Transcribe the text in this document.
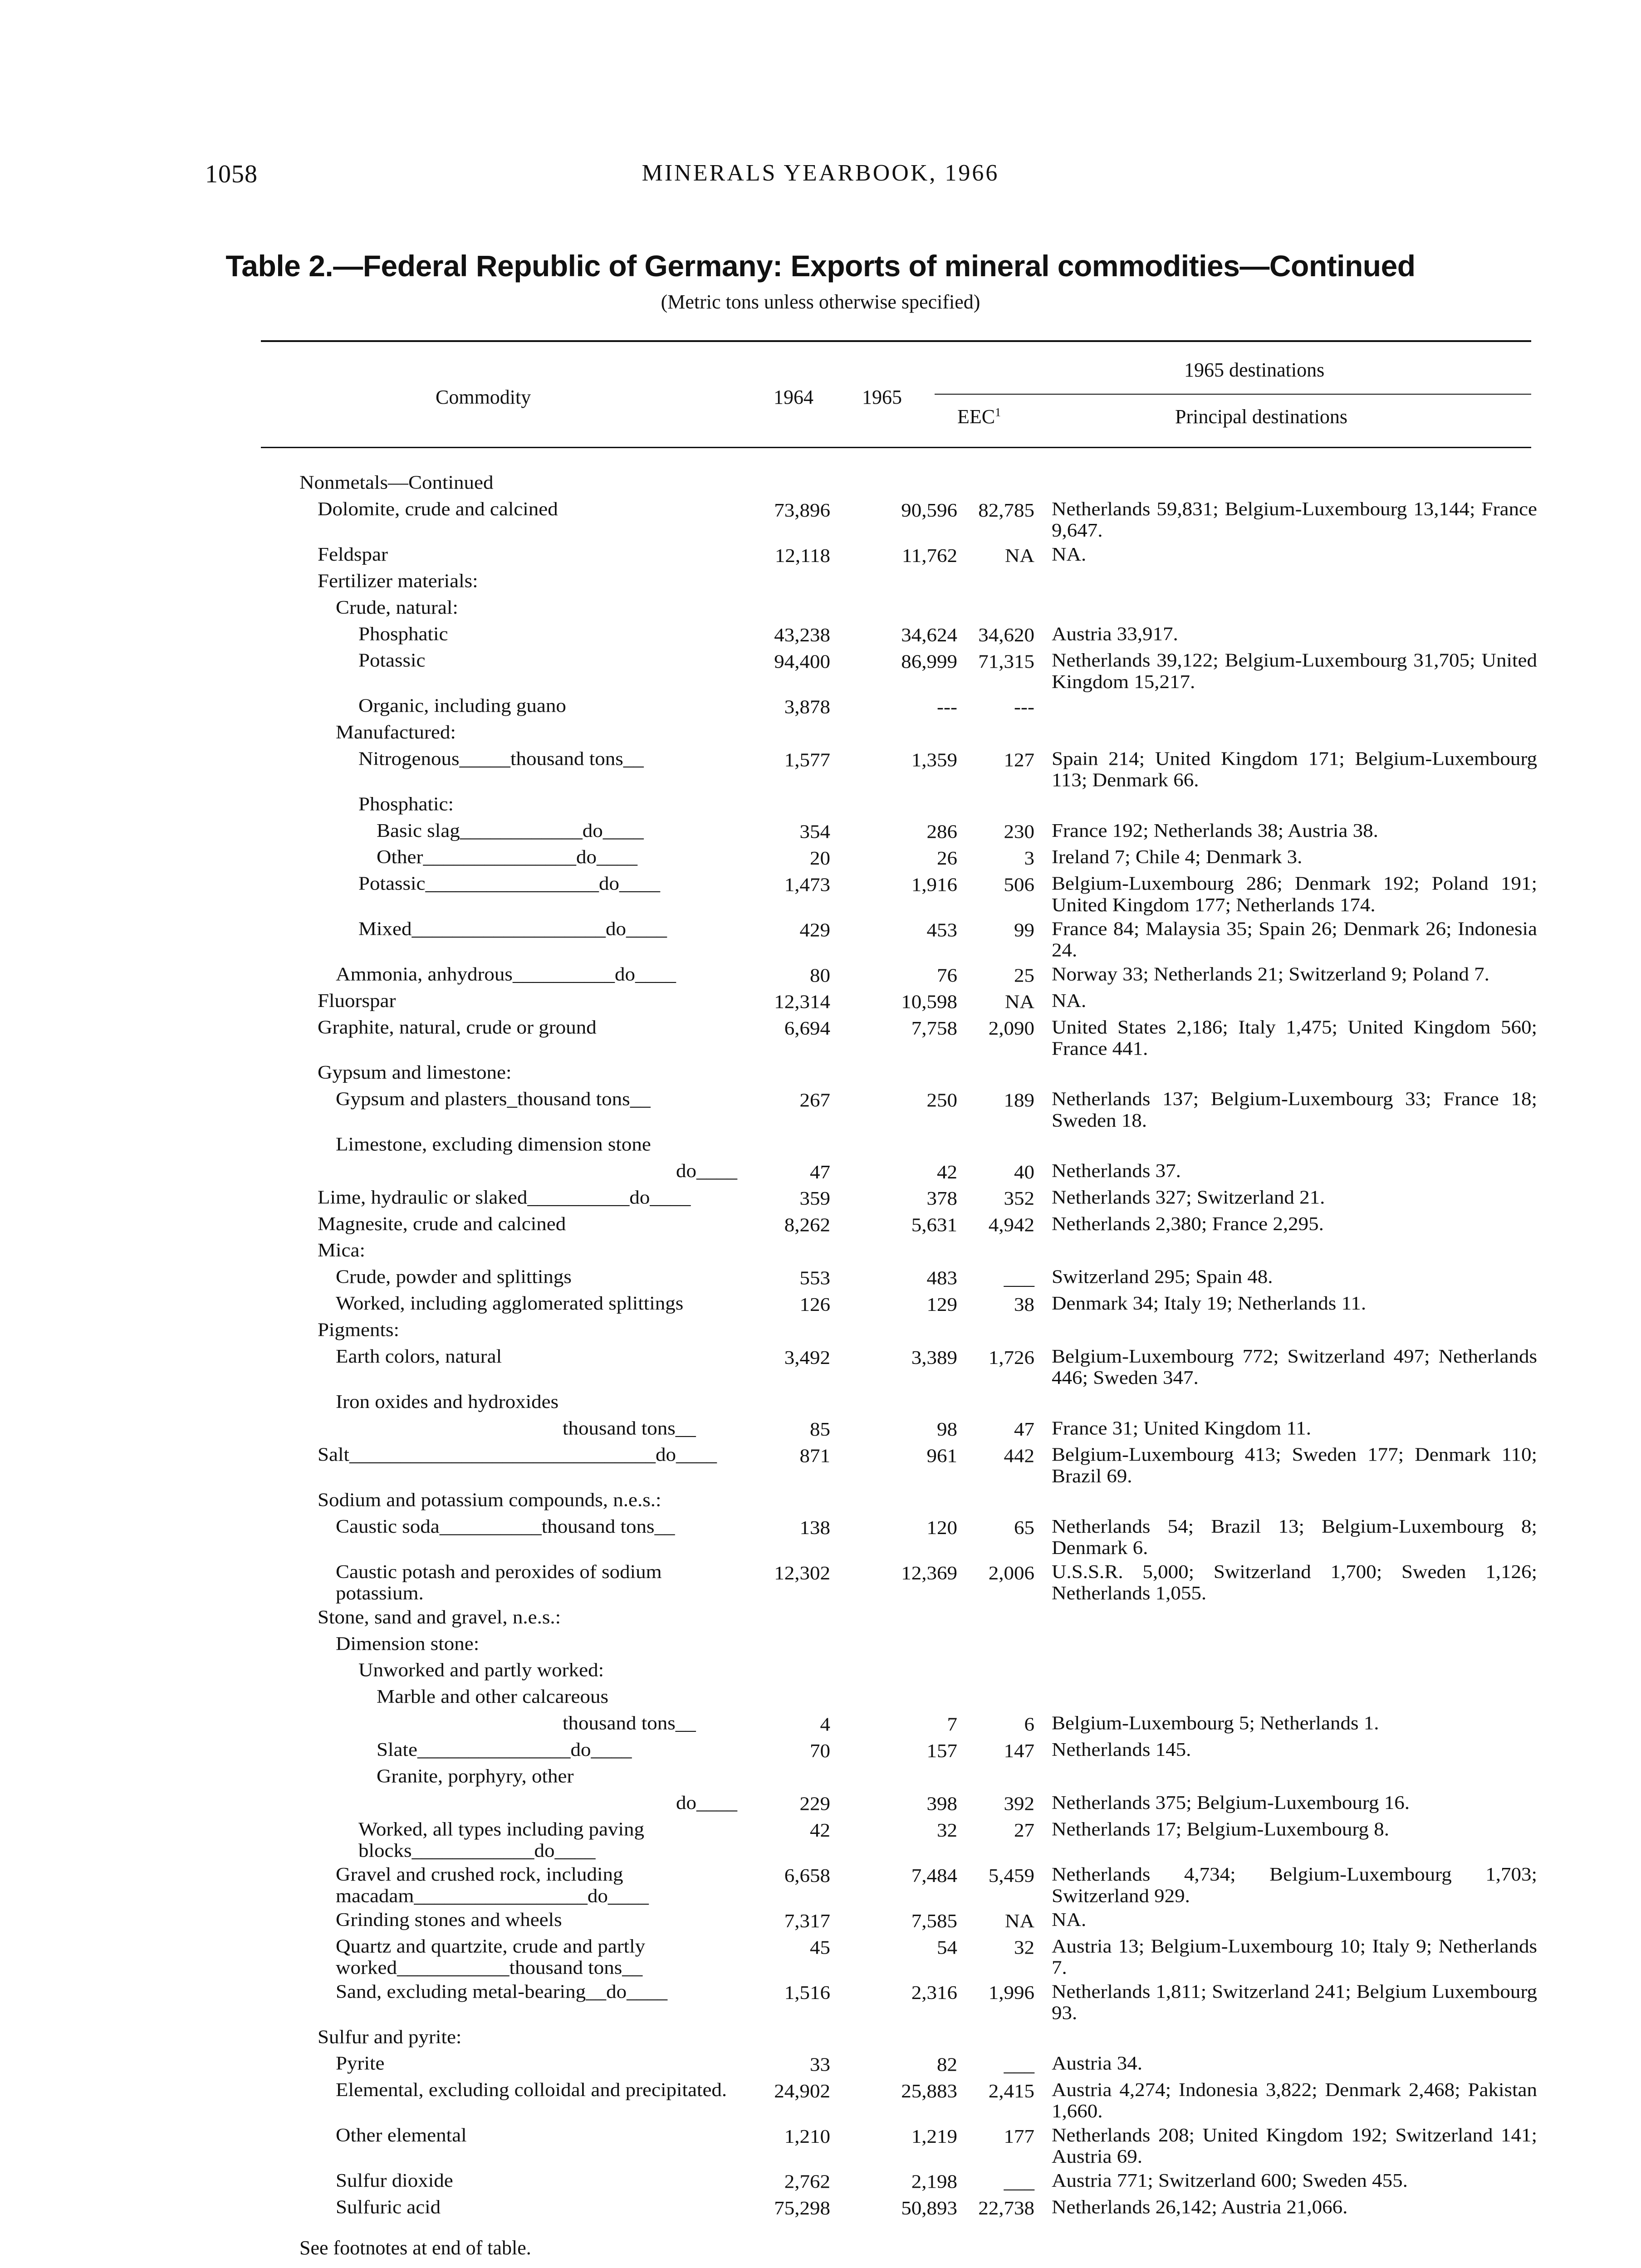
1058	MINERALS YEARBOOK, 1966
Table 2.—Federal Republic of Germany: Exports of mineral commodities—Continued
(Metric tons unless otherwise specified)
Commodity	1964 1965
1965 destinations
EEC$^1$	Principal destinations
Nonmetals—Continued
Dolomite, crude and calcined	73,896	90,596	82,785 Netherlands 59,831; Belgium-Luxembourg 13,144; France 9,647.
Feldspar	12,118	11,762	NA NA.
Fertilizer materials:
Crude, natural:
Phosphatic	43,238	34,624	34,620 Austria 33,917.
Potassic	94,400	86,999	71,315 Netherlands 39,122; Belgium-Luxembourg 31,705; United Kingdom 15,217.
Organic, including guano	3,878	---	---
Manufactured:
Nitrogenous_____thousand tons__	1,577	1,359	127 Spain 214; United Kingdom 171; Belgium-Luxembourg 113; Denmark 66.
Phosphatic:
Basic slag____________do____	354	286	230 France 192; Netherlands 38; Austria 38.
Other_______________do____	20	26	3 Ireland 7; Chile 4; Denmark 3.
Potassic_________________do____	1,473	1,916	506 Belgium-Luxembourg 286; Denmark 192; Poland 191; United Kingdom 177; Netherlands 174.
Mixed___________________do____	429	453	99 France 84; Malaysia 35; Spain 26; Denmark 26; Indonesia 24.
Ammonia, anhydrous__________do____	80	76	25 Norway 33; Netherlands 21; Switzerland 9; Poland 7.
Fluorspar	12,314	10,598	NA NA.
Graphite, natural, crude or ground	6,694	7,758	2,090 United States 2,186; Italy 1,475; United Kingdom 560; France 441.
Gypsum and limestone:
Gypsum and plasters_thousand tons__	267	250	189 Netherlands 137; Belgium-Luxembourg 33; France 18; Sweden 18.
Limestone, excluding dimension stone
do____	47	42	40 Netherlands 37.
Lime, hydraulic or slaked__________do____	359	378	352 Netherlands 327; Switzerland 21.
Magnesite, crude and calcined	8,262	5,631	4,942 Netherlands 2,380; France 2,295.
Mica:
Crude, powder and splittings	553	483	___ Switzerland 295; Spain 48.
Worked, including agglomerated splittings	126	129	38 Denmark 34; Italy 19; Netherlands 11.
Pigments:
Earth colors, natural	3,492	3,389	1,726 Belgium-Luxembourg 772; Switzerland 497; Netherlands 446; Sweden 347.
Iron oxides and hydroxides
thousand tons__	85	98	47 France 31; United Kingdom 11.
Salt______________________________do____	871	961	442 Belgium-Luxembourg 413; Sweden 177; Denmark 110; Brazil 69.
Sodium and potassium compounds, n.e.s.:
Caustic soda__________thousand tons__	138	120	65 Netherlands 54; Brazil 13; Belgium-Luxembourg 8; Denmark 6.
Caustic potash and peroxides of sodium potassium.
12,302	12,369	2,006 U.S.S.R. 5,000; Switzerland 1,700; Sweden 1,126; Netherlands 1,055.
Stone, sand and gravel, n.e.s.:
Dimension stone:
Unworked and partly worked:
Marble and other calcareous
thousand tons__	4	7	6 Belgium-Luxembourg 5; Netherlands 1.
Slate_______________do____	70	157	147 Netherlands 145.
Granite, porphyry, other
do____	229	398	392 Netherlands 375; Belgium-Luxembourg 16.
Worked, all types including paving blocks____________do____
42	32	27 Netherlands 17; Belgium-Luxembourg 8.
Gravel and crushed rock, including macadam_________________do____
6,658	7,484	5,459 Netherlands 4,734; Belgium-Luxembourg 1,703; Switzerland 929.
Grinding stones and wheels	7,317	7,585	NA NA.
Quartz and quartzite, crude and partly worked___________thousand tons__
45	54	32 Austria 13; Belgium-Luxembourg 10; Italy 9; Netherlands 7.
Sand, excluding metal-bearing__do____	1,516	2,316	1,996 Netherlands 1,811; Switzerland 241; Belgium Luxembourg 93.
Sulfur and pyrite:
Pyrite	33	82	___ Austria 34.
Elemental, excluding colloidal and precipitated.	24,902	25,883	2,415 Austria 4,274; Indonesia 3,822; Denmark 2,468; Pakistan 1,660.
Other elemental	1,210	1,219	177 Netherlands 208; United Kingdom 192; Switzerland 141; Austria 69.
Sulfur dioxide	2,762	2,198	___ Austria 771; Switzerland 600; Sweden 455.
Sulfuric acid	75,298	50,893	22,738 Netherlands 26,142; Austria 21,066.
See footnotes at end of table.
